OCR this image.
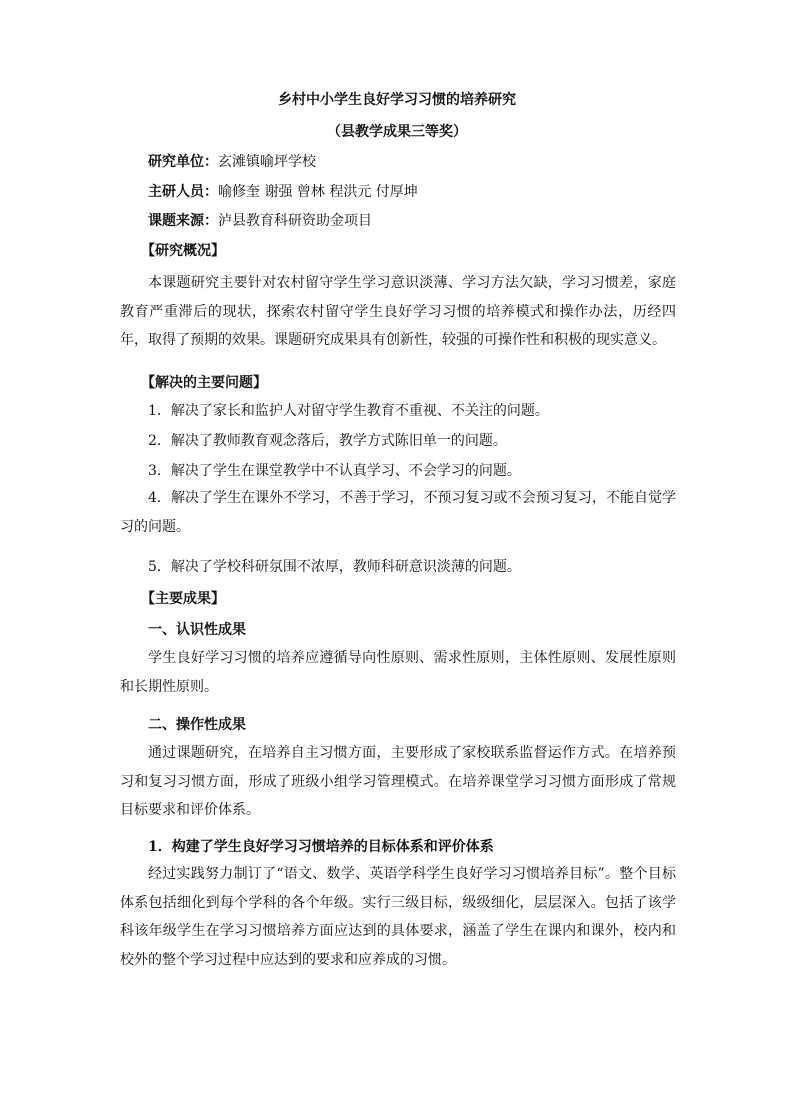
乡村中小学生良好学习习惯的培养研究

（县教学成果三等奖）

研究单位：玄滩镇喻坪学校

主研人员：喻修奎 谢强 曾林 程洪元 付厚坤

课题来源：泸县教育科研资助金项目

【研究概况】

本课题研究主要针对农村留守学生学习意识淡薄、学习方法欠缺，学习习惯差，家庭教育严重滞后的现状，探索农村留守学生良好学习习惯的培养模式和操作办法，历经四年，取得了预期的效果。课题研究成果具有创新性，较强的可操作性和积极的现实意义。

【解决的主要问题】

1．解决了家长和监护人对留守学生教育不重视、不关注的问题。

2．解决了教师教育观念落后，教学方式陈旧单一的问题。

3．解决了学生在课堂教学中不认真学习、不会学习的问题。

4．解决了学生在课外不学习，不善于学习，不预习复习或不会预习复习，不能自觉学习的问题。

5．解决了学校科研氛围不浓厚，教师科研意识淡薄的问题。

【主要成果】

一、认识性成果

学生良好学习习惯的培养应遵循导向性原则、需求性原则，主体性原则、发展性原则和长期性原则。

二、操作性成果

通过课题研究，在培养自主习惯方面，主要形成了家校联系监督运作方式。在培养预习和复习习惯方面，形成了班级小组学习管理模式。在培养课堂学习习惯方面形成了常规目标要求和评价体系。

1．构建了学生良好学习习惯培养的目标体系和评价体系

经过实践努力制订了“语文、数学、英语学科学生良好学习习惯培养目标”。整个目标体系包括细化到每个学科的各个年级。实行三级目标，级级细化，层层深入。包括了该学科该年级学生在学习习惯培养方面应达到的具体要求，涵盖了学生在课内和课外，校内和校外的整个学习过程中应达到的要求和应养成的习惯。
